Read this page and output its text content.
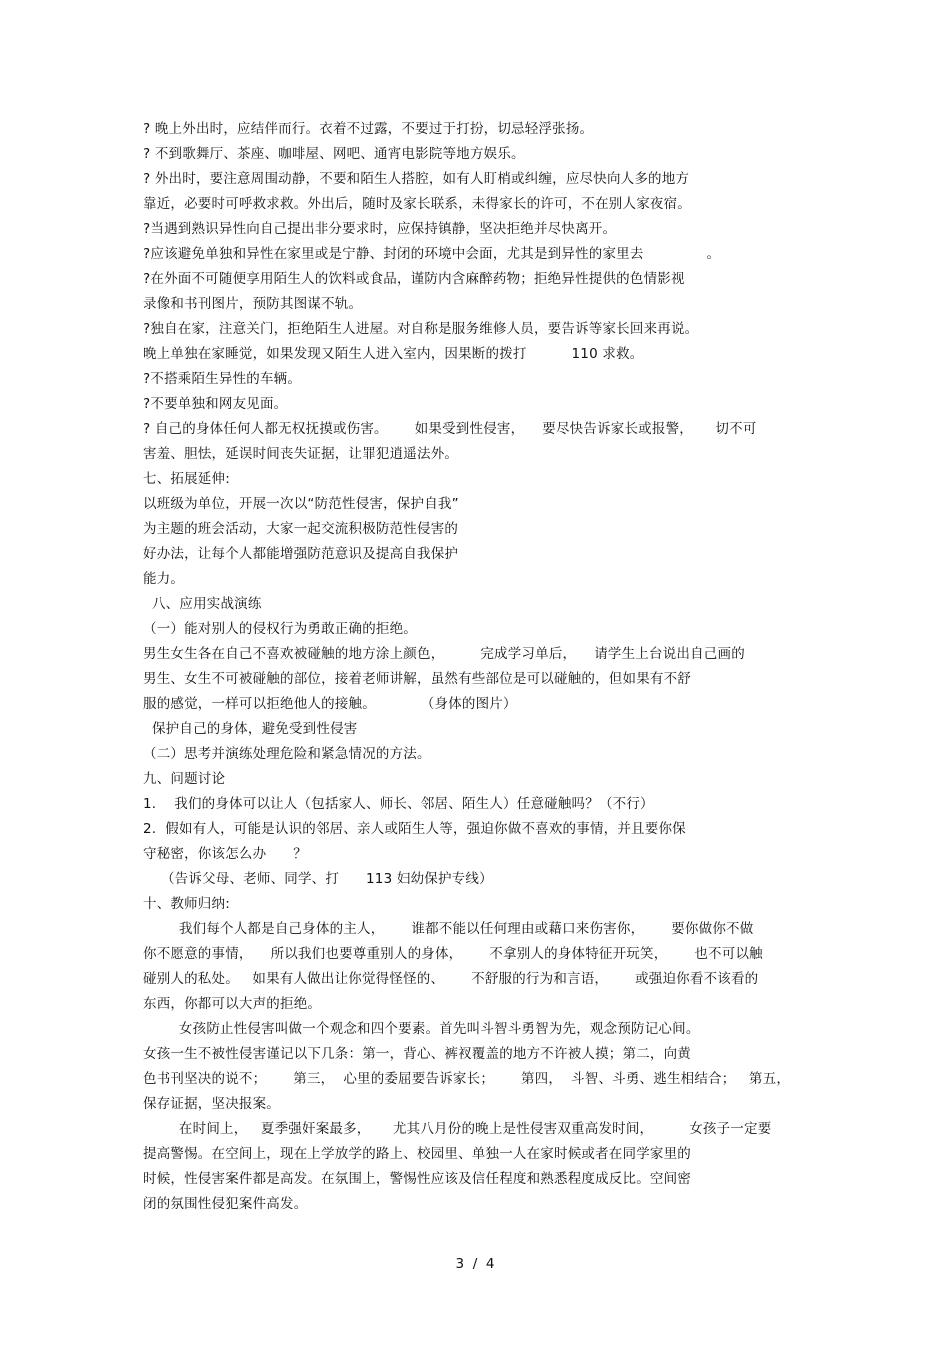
? 晚上外出时，应结伴而行。衣着不过露，不要过于打扮，切忌轻浮张扬。
? 不到歌舞厅、茶座、咖啡屋、网吧、通宵电影院等地方娱乐。
? 外出时，要注意周围动静，不要和陌生人搭腔，如有人盯梢或纠缠，应尽快向人多的地方
靠近，必要时可呼救求救。外出后，随时及家长联系，未得家长的许可，不在别人家夜宿。
?当遇到熟识异性向自己提出非分要求时，应保持镇静，坚决拒绝并尽快离开。
?应该避免单独和异性在家里或是宁静、封闭的环境中会面，尤其是到异性的家里去              。
?在外面不可随便享用陌生人的饮料或食品，谨防内含麻醉药物；拒绝异性提供的色情影视
录像和书刊图片，预防其图谋不轨。
?独自在家，注意关门，拒绝陌生人进屋。对自称是服务维修人员，要告诉等家长回来再说。
晚上单独在家睡觉，如果发现又陌生人进入室内，因果断的拨打          110 求救。
?不搭乘陌生异性的车辆。
?不要单独和网友见面。
? 自己的身体任何人都无权抚摸或伤害。      如果受到性侵害，    要尽快告诉家长或报警，     切不可
害羞、胆怯，延误时间丧失证据，让罪犯逍遥法外。
七、拓展延伸:
以班级为单位，开展一次以“防范性侵害，保护自我”
为主题的班会活动，大家一起交流积极防范性侵害的
好办法，让每个人都能增强防范意识及提高自我保护
能力。
八、应用实战演练
（一）能对别人的侵权行为勇敢正确的拒绝。
男生女生各在自己不喜欢被碰触的地方涂上颜色，        完成学习单后，    请学生上台说出自己画的
男生、女生不可被碰触的部位，接着老师讲解，虽然有些部位是可以碰触的，但如果有不舒
服的感觉，一样可以拒绝他人的接触。          （身体的图片）
保护自己的身体，避免受到性侵害
（二）思考并演练处理危险和紧急情况的方法。
九、问题讨论
1.    我们的身体可以让人（包括家人、师长、邻居、陌生人）任意碰触吗？（不行）
2.  假如有人，可能是认识的邻居、亲人或陌生人等，强迫你做不喜欢的事情，并且要你保
守秘密，你该怎么办      ？
（告诉父母、老师、同学、打      113 妇幼保护专线）
十、教师归纳:
我们每个人都是自己身体的主人，      谁都不能以任何理由或藉口来伤害你，      要你做你不做
你不愿意的事情，    所以我们也要尊重别人的身体，      不拿别人的身体特征开玩笑，      也不可以触
碰别人的私处。   如果有人做出让你觉得怪怪的、      不舒服的行为和言语，      或强迫你看不该看的
东西，你都可以大声的拒绝。
女孩防止性侵害叫做一个观念和四个要素。首先叫斗智斗勇智为先，观念预防记心间。
女孩一生不被性侵害谨记以下几条：第一，背心、裤衩覆盖的地方不许被人摸；第二，向黄
色书刊坚决的说不；      第三，  心里的委屈要告诉家长；      第四，  斗智、斗勇、逃生相结合；   第五，
保存证据，坚决报案。
在时间上，   夏季强奸案最多，     尤其八月份的晚上是性侵害双重高发时间，        女孩子一定要
提高警惕。在空间上，现在上学放学的路上、校园里、单独一人在家时候或者在同学家里的
时候，性侵害案件都是高发。在氛围上，警惕性应该及信任程度和熟悉程度成反比。空间密
闭的氛围性侵犯案件高发。
3  /  4
